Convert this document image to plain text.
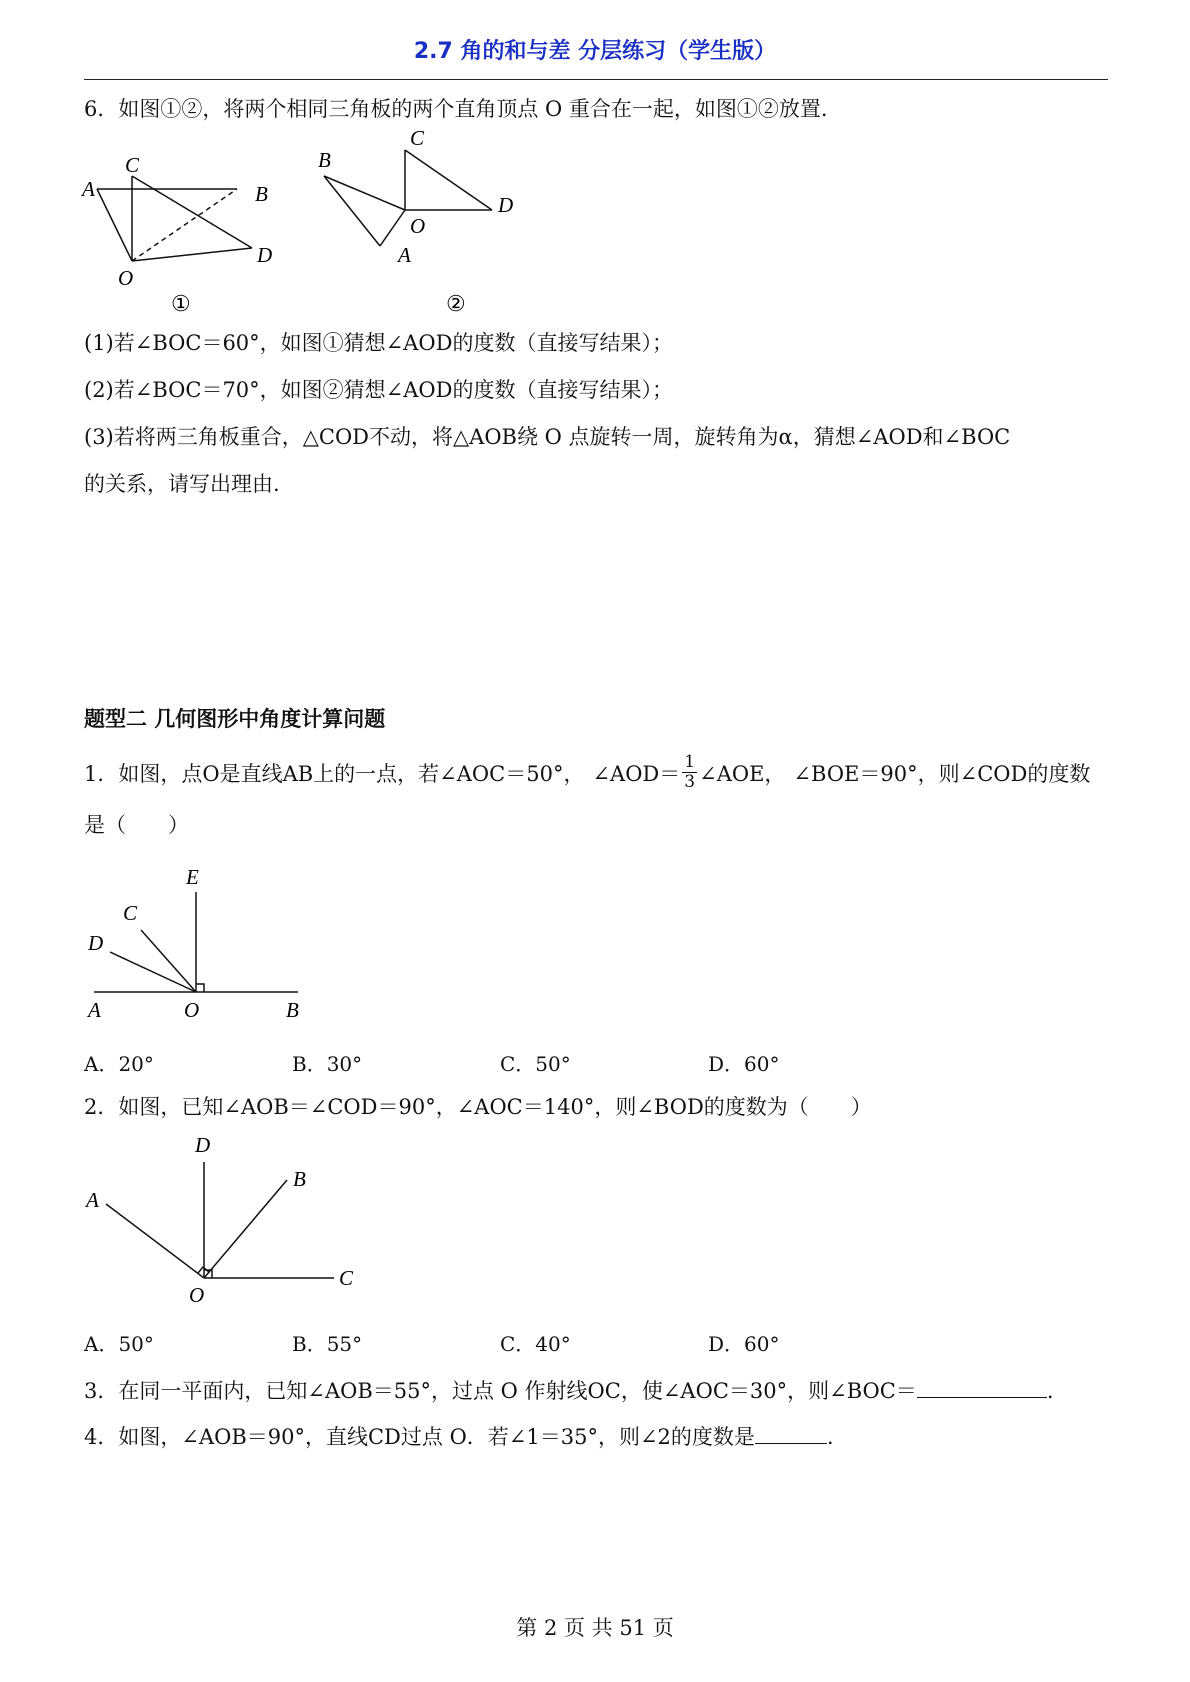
2.7 角的和与差 分层练习（学生版）
6．如图①②，将两个相同三角板的两个直角顶点 O 重合在一起，如图①②放置.
A
C
B
D
O
①
B
C
D
O
A
②
(1)若∠BOC＝60°，如图①猜想∠AOD的度数（直接写结果）；
(2)若∠BOC＝70°，如图②猜想∠AOD的度数（直接写结果）；
(3)若将两三角板重合，△COD不动，将△AOB绕 O 点旋转一周，旋转角为α，猜想∠AOD和∠BOC
的关系，请写出理由.
题型二 几何图形中角度计算问题
1．如图，点O是直线AB上的一点，若∠AOC＝50°， ∠AOD＝ $\frac{1}{3}$ ∠AOE， ∠BOE＝90°，则∠COD的度数
是（　　）
A	O	B
E
C
D
A．20°	B．30°	C．50°	D．60°
2．如图，已知∠AOB＝∠COD＝90°，∠AOC＝140°，则∠BOD的度数为（　　）
D
B
A
C
O
A．50°	B．55°	C．40°	D．60°
3．在同一平面内，已知∠AOB＝55°，过点 O 作射线OC，使∠AOC＝30°，则∠BOC＝	.
4．如图，∠AOB＝90°，直线CD过点 O．若∠1＝35°，则∠2的度数是	.
第 2 页 共 51 页
